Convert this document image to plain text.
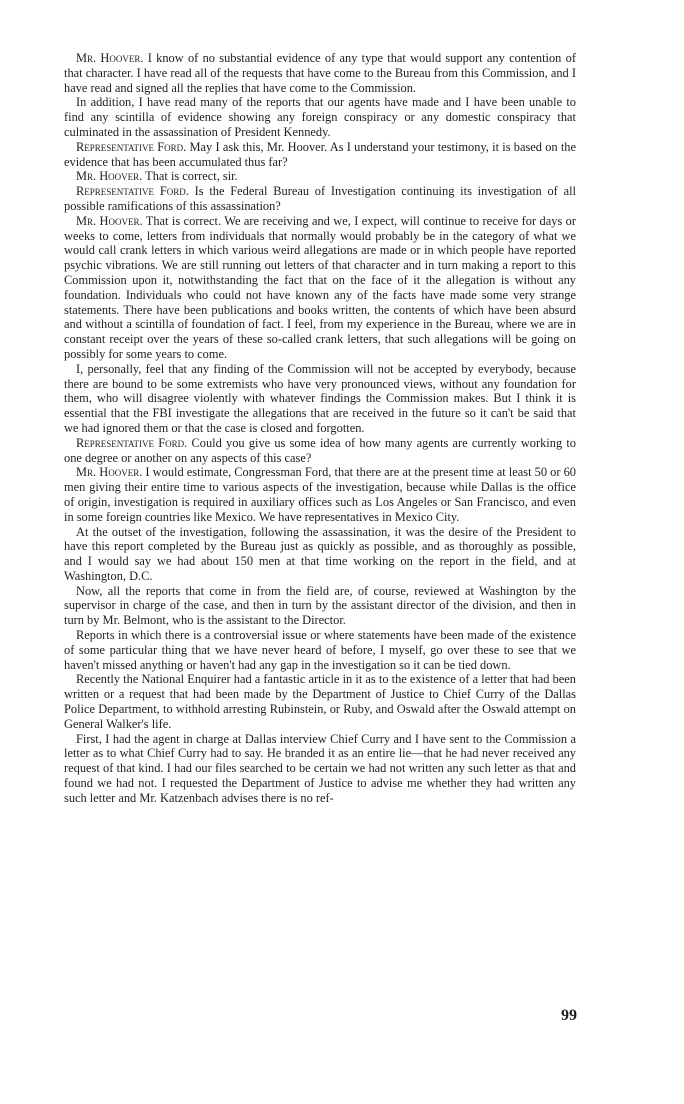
Mr. Hoover. I know of no substantial evidence of any type that would support any contention of that character. I have read all of the requests that have come to the Bureau from this Commission, and I have read and signed all the replies that have come to the Commission.

In addition, I have read many of the reports that our agents have made and I have been unable to find any scintilla of evidence showing any foreign conspiracy or any domestic conspiracy that culminated in the assassination of President Kennedy.

Representative Ford. May I ask this, Mr. Hoover. As I understand your testimony, it is based on the evidence that has been accumulated thus far?

Mr. Hoover. That is correct, sir.

Representative Ford. Is the Federal Bureau of Investigation continuing its investigation of all possible ramifications of this assassination?

Mr. Hoover. That is correct. We are receiving and we, I expect, will continue to receive for days or weeks to come, letters from individuals that normally would probably be in the category of what we would call crank letters in which various weird allegations are made or in which people have reported psychic vibrations. We are still running out letters of that character and in turn making a report to this Commission upon it, notwithstanding the fact that on the face of it the allegation is without any foundation. Individuals who could not have known any of the facts have made some very strange statements. There have been publications and books written, the contents of which have been absurd and without a scintilla of foundation of fact. I feel, from my experience in the Bureau, where we are in constant receipt over the years of these so-called crank letters, that such allegations will be going on possibly for some years to come.

I, personally, feel that any finding of the Commission will not be accepted by everybody, because there are bound to be some extremists who have very pronounced views, without any foundation for them, who will disagree violently with whatever findings the Commission makes. But I think it is essential that the FBI investigate the allegations that are received in the future so it can't be said that we had ignored them or that the case is closed and forgotten.

Representative Ford. Could you give us some idea of how many agents are currently working to one degree or another on any aspects of this case?

Mr. Hoover. I would estimate, Congressman Ford, that there are at the present time at least 50 or 60 men giving their entire time to various aspects of the investigation, because while Dallas is the office of origin, investigation is required in auxiliary offices such as Los Angeles or San Francisco, and even in some foreign countries like Mexico. We have representatives in Mexico City.

At the outset of the investigation, following the assassination, it was the desire of the President to have this report completed by the Bureau just as quickly as possible, and as thoroughly as possible, and I would say we had about 150 men at that time working on the report in the field, and at Washington, D.C.

Now, all the reports that come in from the field are, of course, reviewed at Washington by the supervisor in charge of the case, and then in turn by the assistant director of the division, and then in turn by Mr. Belmont, who is the assistant to the Director.

Reports in which there is a controversial issue or where statements have been made of the existence of some particular thing that we have never heard of before, I myself, go over these to see that we haven't missed anything or haven't had any gap in the investigation so it can be tied down.

Recently the National Enquirer had a fantastic article in it as to the existence of a letter that had been written or a request that had been made by the Department of Justice to Chief Curry of the Dallas Police Department, to withhold arresting Rubinstein, or Ruby, and Oswald after the Oswald attempt on General Walker's life.

First, I had the agent in charge at Dallas interview Chief Curry and I have sent to the Commission a letter as to what Chief Curry had to say. He branded it as an entire lie—that he had never received any request of that kind. I had our files searched to be certain we had not written any such letter as that and found we had not. I requested the Department of Justice to advise me whether they had written any such letter and Mr. Katzenbach advises there is no ref-

99
